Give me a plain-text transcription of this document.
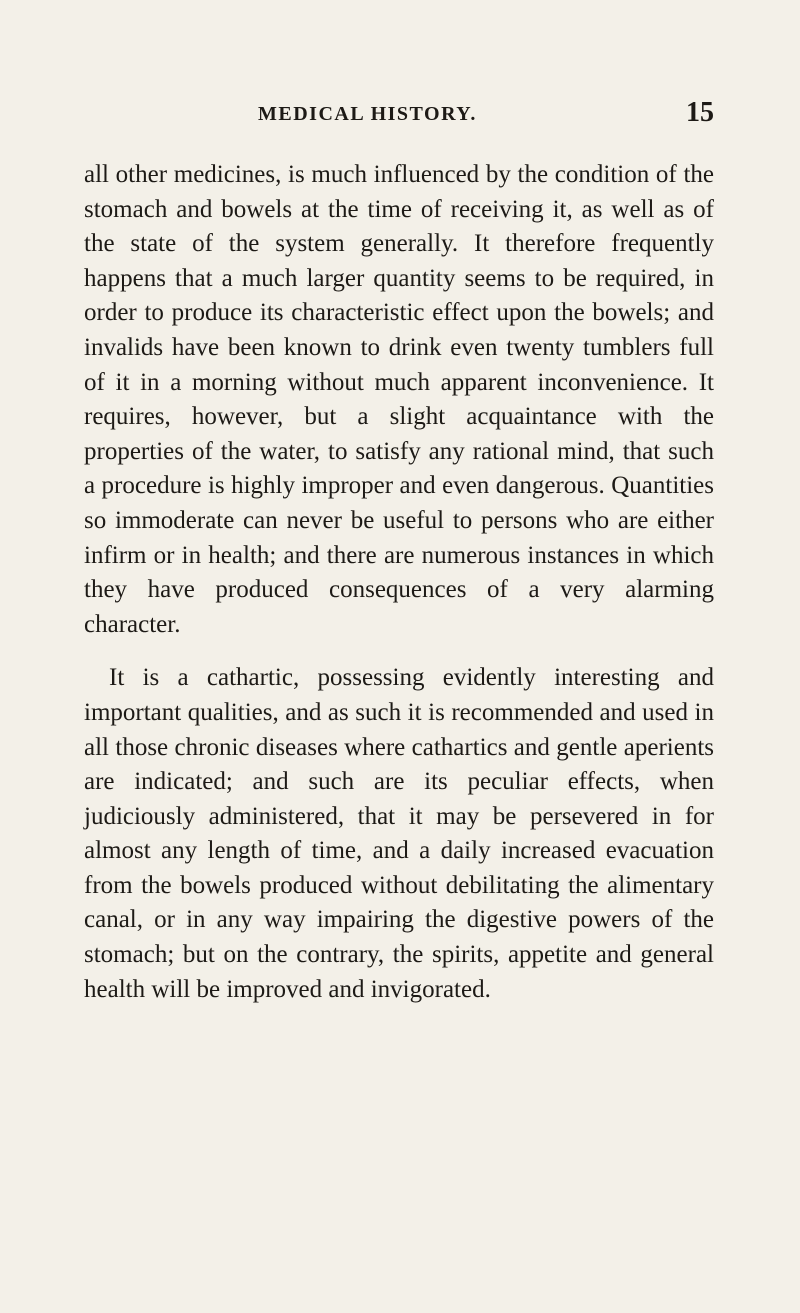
MEDICAL HISTORY.	15

all other medicines, is much influenced by the condition of the stomach and bowels at the time of receiving it, as well as of the state of the system generally. It therefore frequently happens that a much larger quantity seems to be required, in order to produce its characteristic effect upon the bowels; and invalids have been known to drink even twenty tumblers full of it in a morning without much apparent inconvenience. It requires, however, but a slight acquaintance with the properties of the water, to satisfy any rational mind, that such a procedure is highly improper and even dangerous. Quantities so immoderate can never be useful to persons who are either infirm or in health; and there are numerous instances in which they have produced consequences of a very alarming character.

It is a cathartic, possessing evidently interesting and important qualities, and as such it is recommended and used in all those chronic diseases where cathartics and gentle aperients are indicated; and such are its peculiar effects, when judiciously administered, that it may be persevered in for almost any length of time, and a daily increased evacuation from the bowels produced without debilitating the alimentary canal, or in any way impairing the digestive powers of the stomach; but on the contrary, the spirits, appetite and general health will be improved and invigorated.
